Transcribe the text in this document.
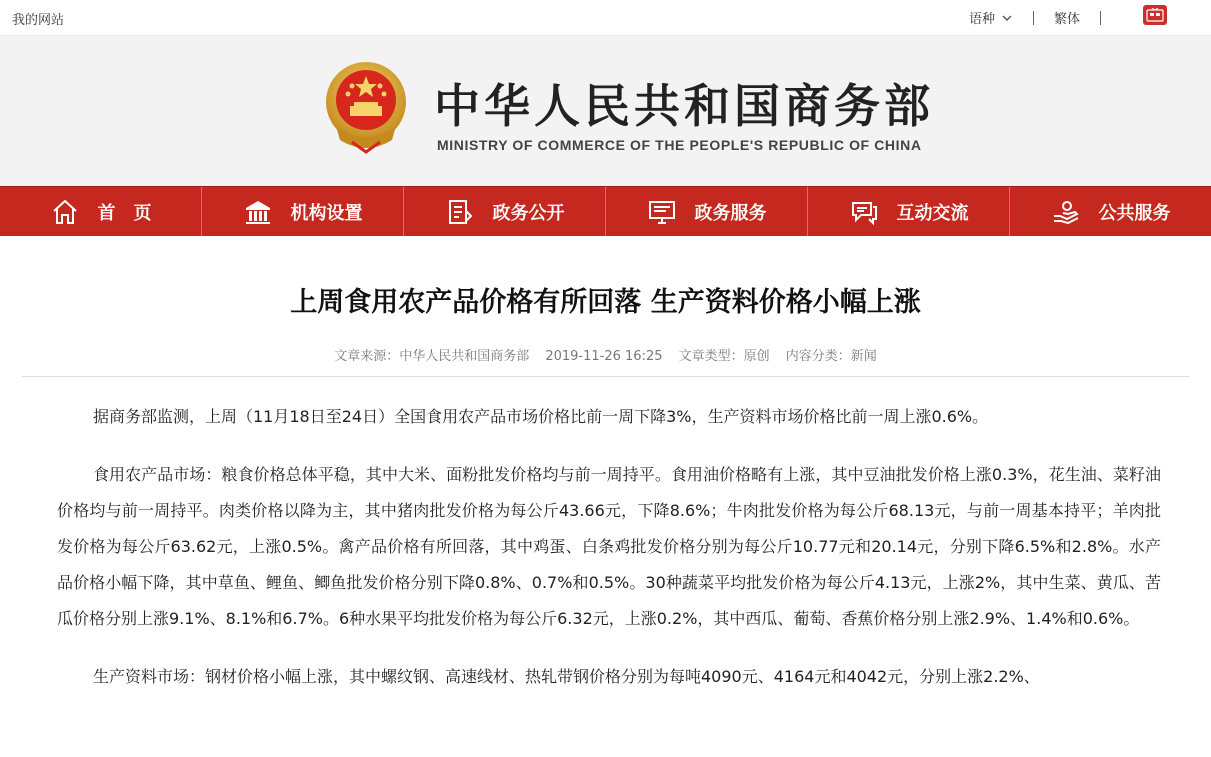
我的网站	语种	繁体
中华人民共和国商务部
MINISTRY OF COMMERCE OF THE PEOPLE'S REPUBLIC OF CHINA
首　页	机构设置	政务公开	政务服务	互动交流	公共服务
上周食用农产品价格有所回落 生产资料价格小幅上涨
文章来源：中华人民共和国商务部 2019-11-26 16:25 文章类型：原创 内容分类：新闻

据商务部监测，上周（11月18日至24日）全国食用农产品市场价格比前一周下降3%，生产资料市场价格比前一周上涨0.6%。

食用农产品市场：粮食价格总体平稳，其中大米、面粉批发价格均与前一周持平。食用油价格略有上涨，其中豆油批发价格上涨0.3%，花生油、菜籽油价格均与前一周持平。肉类价格以降为主，其中猪肉批发价格为每公斤43.66元，下降8.6%；牛肉批发价格为每公斤68.13元，与前一周基本持平；羊肉批发价格为每公斤63.62元，上涨0.5%。禽产品价格有所回落，其中鸡蛋、白条鸡批发价格分别为每公斤10.77元和20.14元，分别下降6.5%和2.8%。水产品价格小幅下降，其中草鱼、鲤鱼、鲫鱼批发价格分别下降0.8%、0.7%和0.5%。30种蔬菜平均批发价格为每公斤4.13元，上涨2%，其中生菜、黄瓜、苦瓜价格分别上涨9.1%、8.1%和6.7%。6种水果平均批发价格为每公斤6.32元，上涨0.2%，其中西瓜、葡萄、香蕉价格分别上涨2.9%、1.4%和0.6%。

生产资料市场：钢材价格小幅上涨，其中螺纹钢、高速线材、热轧带钢价格分别为每吨4090元、4164元和4042元，分别上涨2.2%、
